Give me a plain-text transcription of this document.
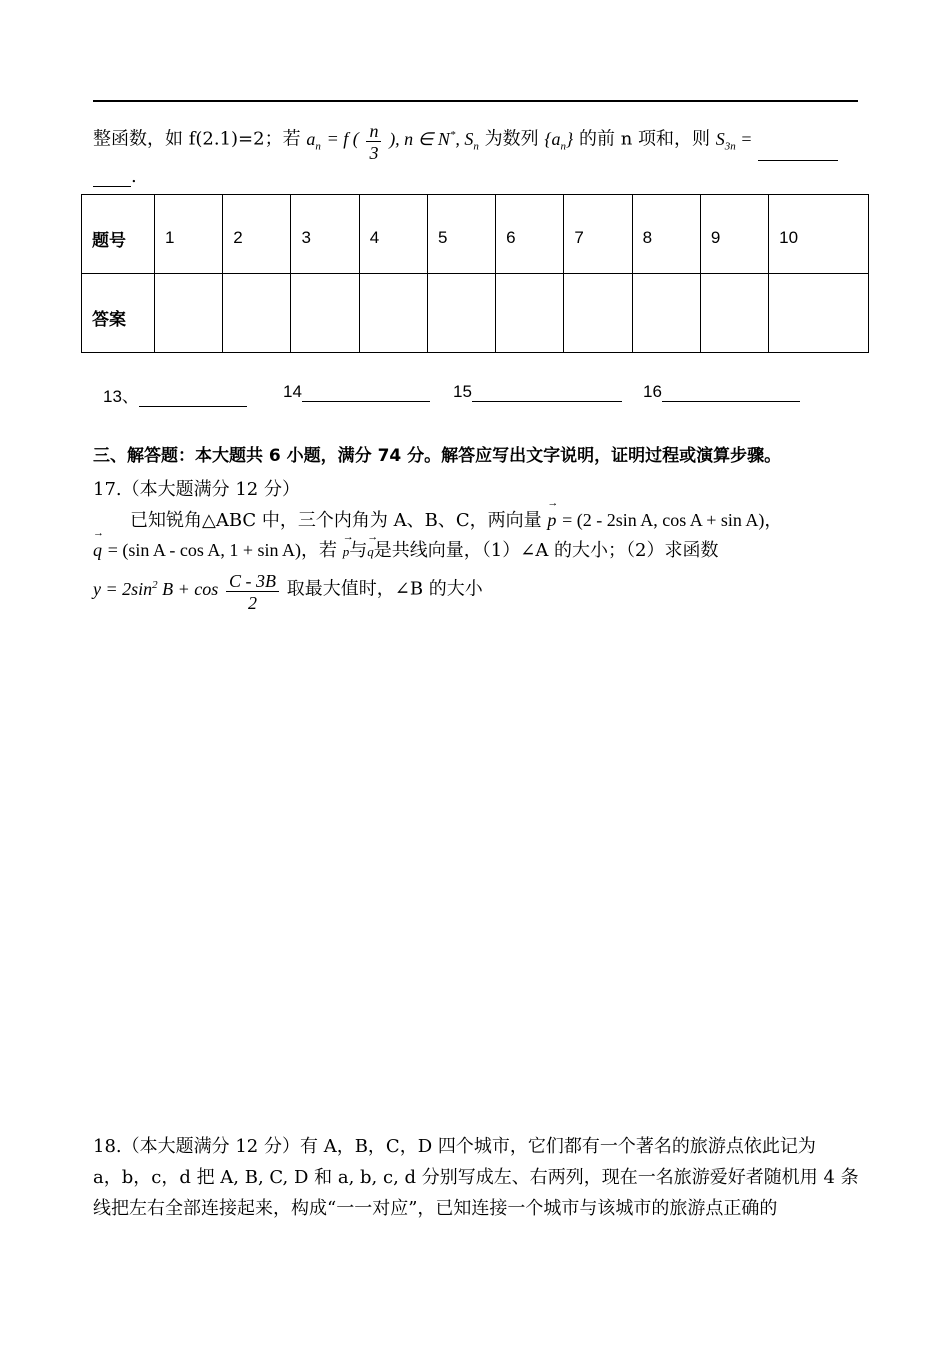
整函数，如 f(2.1)=2；若 $a_n = f$ ( $\frac{n}{3}$ ), n ∈ N*, $S_n$ 为数列 $\{a_n\}$ 的前 n 项和，则 $S_{3n}$ =
.
题号	1	2	3	4	5	6	7	8	9	10
答案										
13、	14	15	16
三、解答题：本大题共 6 小题，满分 74 分。解答应写出文字说明，证明过程或演算步骤。
17.（本大题满分 12 分）
已知锐角△ABC 中，三个内角为 A、B、C，两向量 → p = (2 - 2sin A, cos A + sin A)，
→ q = (sin A - cos A, 1 + sin A)，若 → p与→ q是共线向量，（1）∠A 的大小；（2）求函数
$y = 2\sin^2$ $B + \cos \frac{C - 3B}{2}$ 取最大值时，∠B 的大小
18.（本大题满分 12 分）有 A，B，C，D 四个城市，它们都有一个著名的旅游点依此记为
a，b，c，d 把 A, B, C, D 和 a, b, c, d 分别写成左、右两列，现在一名旅游爱好者随机用 4 条
线把左右全部连接起来，构成“一一对应”，已知连接一个城市与该城市的旅游点正确的
